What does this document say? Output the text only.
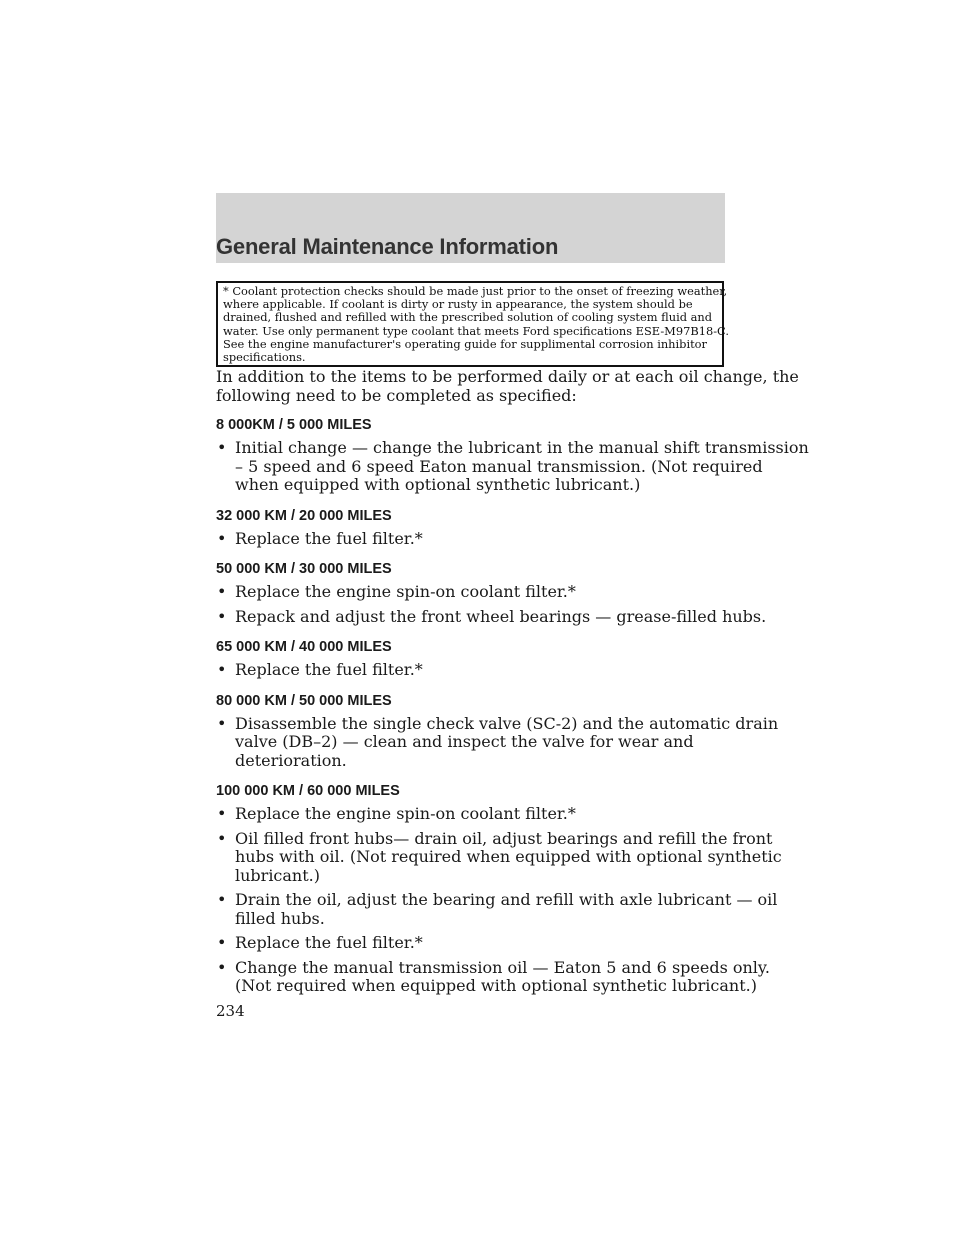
General Maintenance Information
* Coolant protection checks should be made just prior to the onset of freezing weather,
where applicable. If coolant is dirty or rusty in appearance, the system should be
drained, flushed and refilled with the prescribed solution of cooling system fluid and
water. Use only permanent type coolant that meets Ford specifications ESE-M97B18-C.
See the engine manufacturer's operating guide for supplimental corrosion inhibitor
specifications.
In addition to the items to be performed daily or at each oil change, the
following need to be completed as specified:
8 000KM / 5 000 MILES
• Initial change — change the lubricant in the manual shift transmission
– 5 speed and 6 speed Eaton manual transmission. (Not required
when equipped with optional synthetic lubricant.)
32 000 KM / 20 000 MILES
• Replace the fuel filter.*
50 000 KM / 30 000 MILES
• Replace the engine spin-on coolant filter.*
• Repack and adjust the front wheel bearings — grease-filled hubs.
65 000 KM / 40 000 MILES
• Replace the fuel filter.*
80 000 KM / 50 000 MILES
• Disassemble the single check valve (SC-2) and the automatic drain
valve (DB–2) — clean and inspect the valve for wear and
deterioration.
100 000 KM / 60 000 MILES
• Replace the engine spin-on coolant filter.*
• Oil filled front hubs— drain oil, adjust bearings and refill the front
hubs with oil. (Not required when equipped with optional synthetic
lubricant.)
• Drain the oil, adjust the bearing and refill with axle lubricant — oil
filled hubs.
• Replace the fuel filter.*
• Change the manual transmission oil — Eaton 5 and 6 speeds only.
(Not required when equipped with optional synthetic lubricant.)
234
